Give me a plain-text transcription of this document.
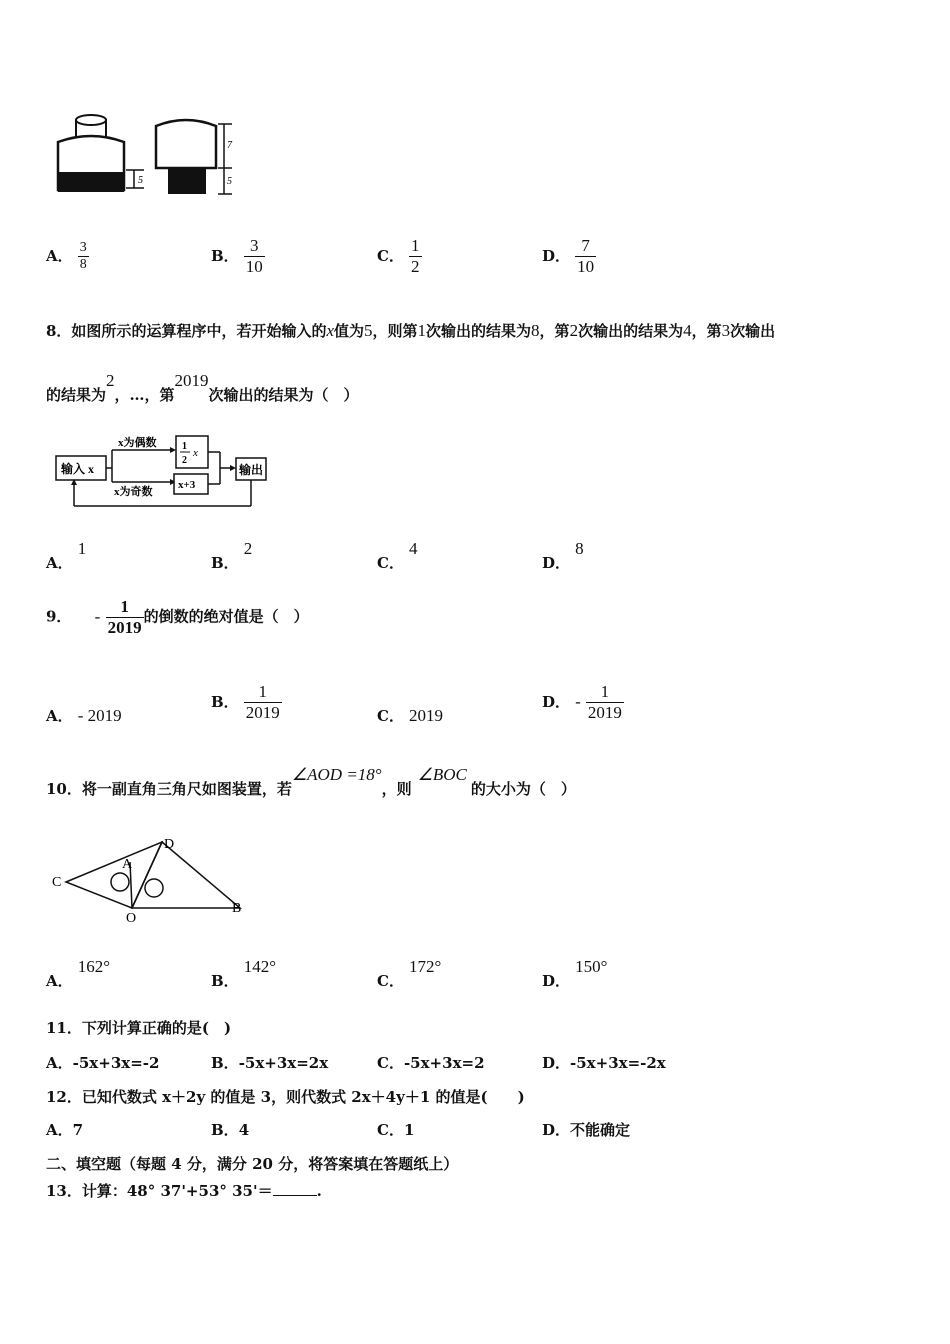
5
7
5
A． $\frac{3}{8}$	B． $\frac{3}{10}$	C． $\frac{1}{2}$	D． $\frac{7}{10}$
8．如图所示的运算程序中，若开始输入的x值为5，则第1次输出的结果为8，第2次输出的结果为4，第3次输出
的结果为2，…，第2019次输出的结果为（　）
输入 x
x为偶数
x为奇数
1
2
x
x+3
输出
A． 1
B． 2
C． 4
D． 8
9． - $\frac{1}{2019}$ 的倒数的绝对值是（　）
A． - 2019
B． $\frac{1}{2019}$	C． 2019
D． - $\frac{1}{2019}$
10．将一副直角三角尺如图装置，若∠AOD =18°，则∠BOC的大小为（　）
C
A
D
O
B
A． 162°
B． 142°
C． 172°
D． 150°
11．下列计算正确的是(　)
A．-5x+3x=-2	B．-5x+3x=2x	C．-5x+3x=2	D．-5x+3x=-2x
12．已知代数式 x＋2y 的值是 3，则代数式 2x＋4y＋1 的值是(　　)
A．7	B．4	C．1	D．不能确定
二、填空题（每题 4 分，满分 20 分，将答案填在答题纸上）
13．计算：48° 37'+53° 35'＝	.
